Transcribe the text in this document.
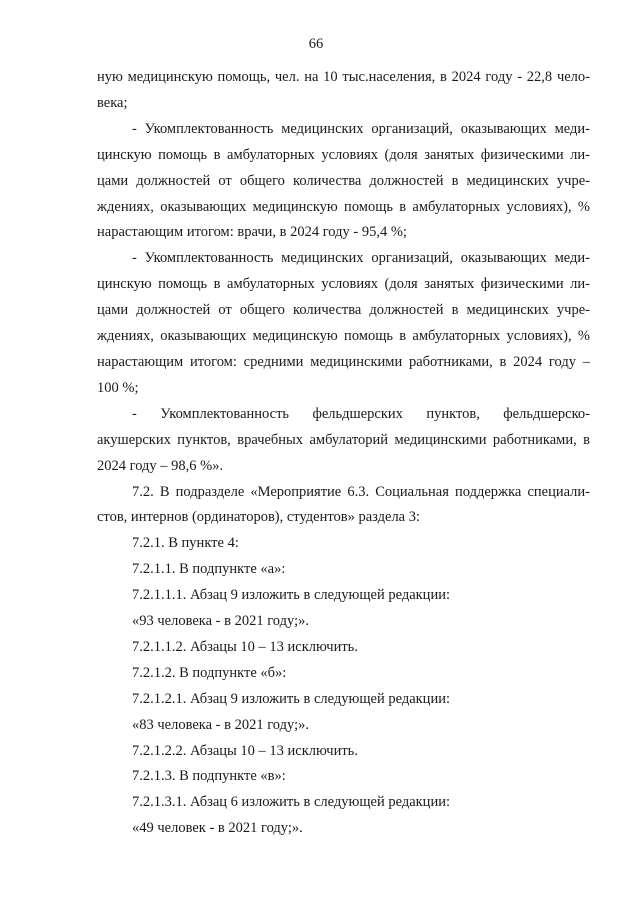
66
ную медицинскую помощь, чел. на 10 тыс.населения, в 2024 году - 22,8 чело-
века;
- Укомплектованность медицинских организаций, оказывающих меди-
цинскую помощь в амбулаторных условиях (доля занятых физическими ли-
цами должностей от общего количества должностей в медицинских учре-
ждениях, оказывающих медицинскую помощь в амбулаторных условиях), %
нарастающим итогом: врачи, в 2024 году - 95,4 %;
- Укомплектованность медицинских организаций, оказывающих меди-
цинскую помощь в амбулаторных условиях (доля занятых физическими ли-
цами должностей от общего количества должностей в медицинских учре-
ждениях, оказывающих медицинскую помощь в амбулаторных условиях), %
нарастающим итогом: средними медицинскими работниками, в 2024 году –
100 %;
- Укомплектованность фельдшерских пунктов, фельдшерско-
акушерских пунктов, врачебных амбулаторий медицинскими работниками, в
2024 году – 98,6 %».
7.2. В подразделе «Мероприятие 6.3. Социальная поддержка специали-
стов, интернов (ординаторов), студентов» раздела 3:
7.2.1. В пункте 4:
7.2.1.1. В подпункте «а»:
7.2.1.1.1. Абзац 9 изложить в следующей редакции:
«93 человека - в 2021 году;».
7.2.1.1.2. Абзацы 10 – 13 исключить.
7.2.1.2. В подпункте «б»:
7.2.1.2.1. Абзац 9 изложить в следующей редакции:
«83 человека - в 2021 году;».
7.2.1.2.2. Абзацы 10 – 13 исключить.
7.2.1.3. В подпункте «в»:
7.2.1.3.1. Абзац 6 изложить в следующей редакции:
«49 человек - в 2021 году;».
